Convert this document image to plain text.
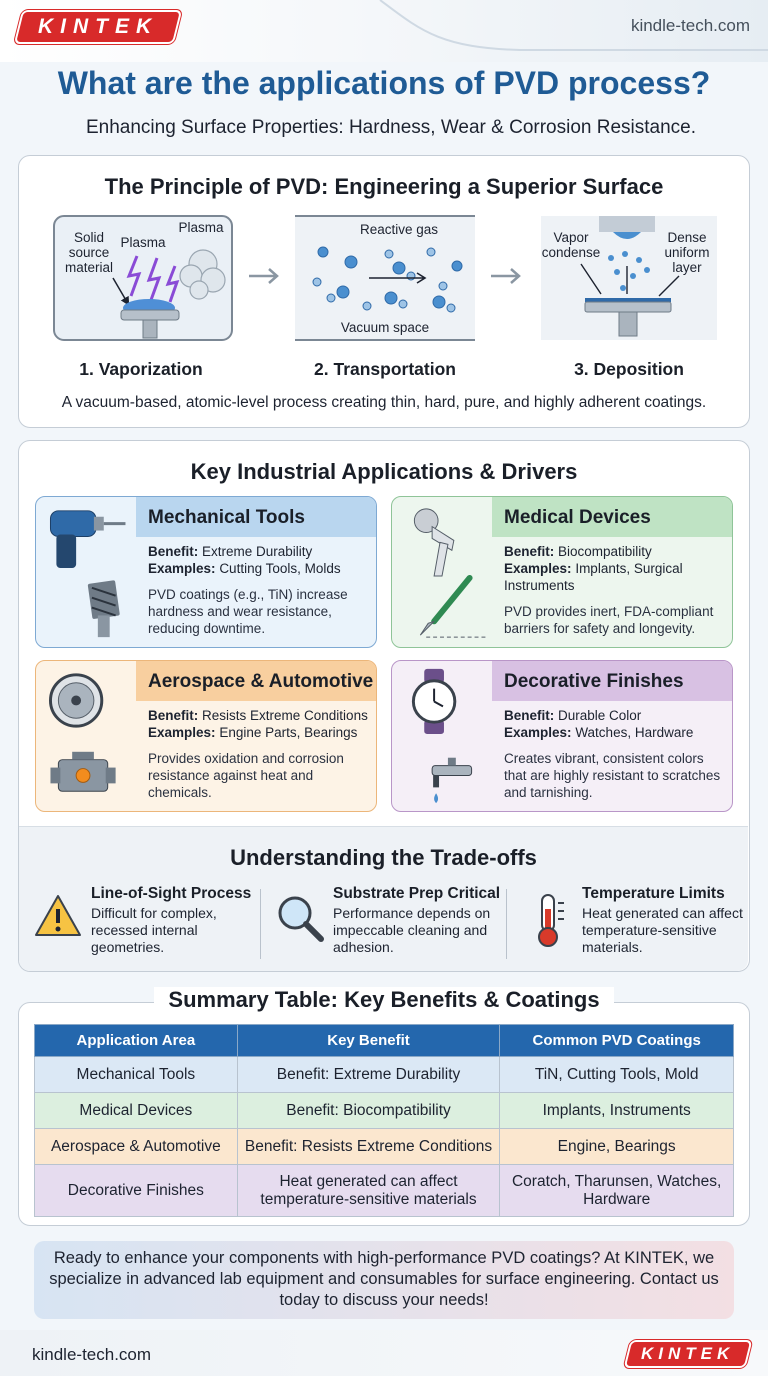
KINTEK	kindle-tech.com
What are the applications of PVD process?
Enhancing Surface Properties: Hardness, Wear & Corrosion Resistance.
The Principle of PVD: Engineering a Superior Surface
Solid
source
material
Plasma
Plasma
1. Vaporization
Reactive gas
Vacuum space
2. Transportation
Vapor
condense
Dense
uniform
layer
3. Deposition
A vacuum-based, atomic-level process creating thin, hard, pure, and highly adherent coatings.
Key Industrial Applications & Drivers
Mechanical Tools
Benefit: Extreme Durability
Examples: Cutting Tools, Molds
PVD coatings (e.g., TiN) increase hardness and wear resistance, reducing downtime.
Medical Devices
Benefit: Biocompatibility
Examples: Implants, Surgical Instruments
PVD provides inert, FDA-compliant barriers for safety and longevity.
Aerospace & Automotive
Benefit: Resists Extreme Conditions
Examples: Engine Parts, Bearings
Provides oxidation and corrosion resistance against heat and chemicals.
Decorative Finishes
Benefit: Durable Color
Examples: Watches, Hardware
Creates vibrant, consistent colors that are highly resistant to scratches and tarnishing.
Understanding the Trade-offs
Line-of-Sight Process
Difficult for complex, recessed internal geometries.
Substrate Prep Critical
Performance depends on impeccable cleaning and adhesion.
Temperature Limits
Heat generated can affect temperature-sensitive materials.
Summary Table: Key Benefits & Coatings
Application Area	Key Benefit	Common PVD Coatings
Mechanical Tools	Benefit: Extreme Durability	TiN, Cutting Tools, Mold
Medical Devices	Benefit: Biocompatibility	Implants, Instruments
Aerospace & Automotive	Benefit: Resists Extreme Conditions	Engine, Bearings
Decorative Finishes	Heat generated can affect temperature-sensitive materials	Coratch, Tharunsen, Watches, Hardware
Ready to enhance your components with high-performance PVD coatings? At KINTEK, we specialize in advanced lab equipment and consumables for surface engineering. Contact us today to discuss your needs!
kindle-tech.com	KINTEK
